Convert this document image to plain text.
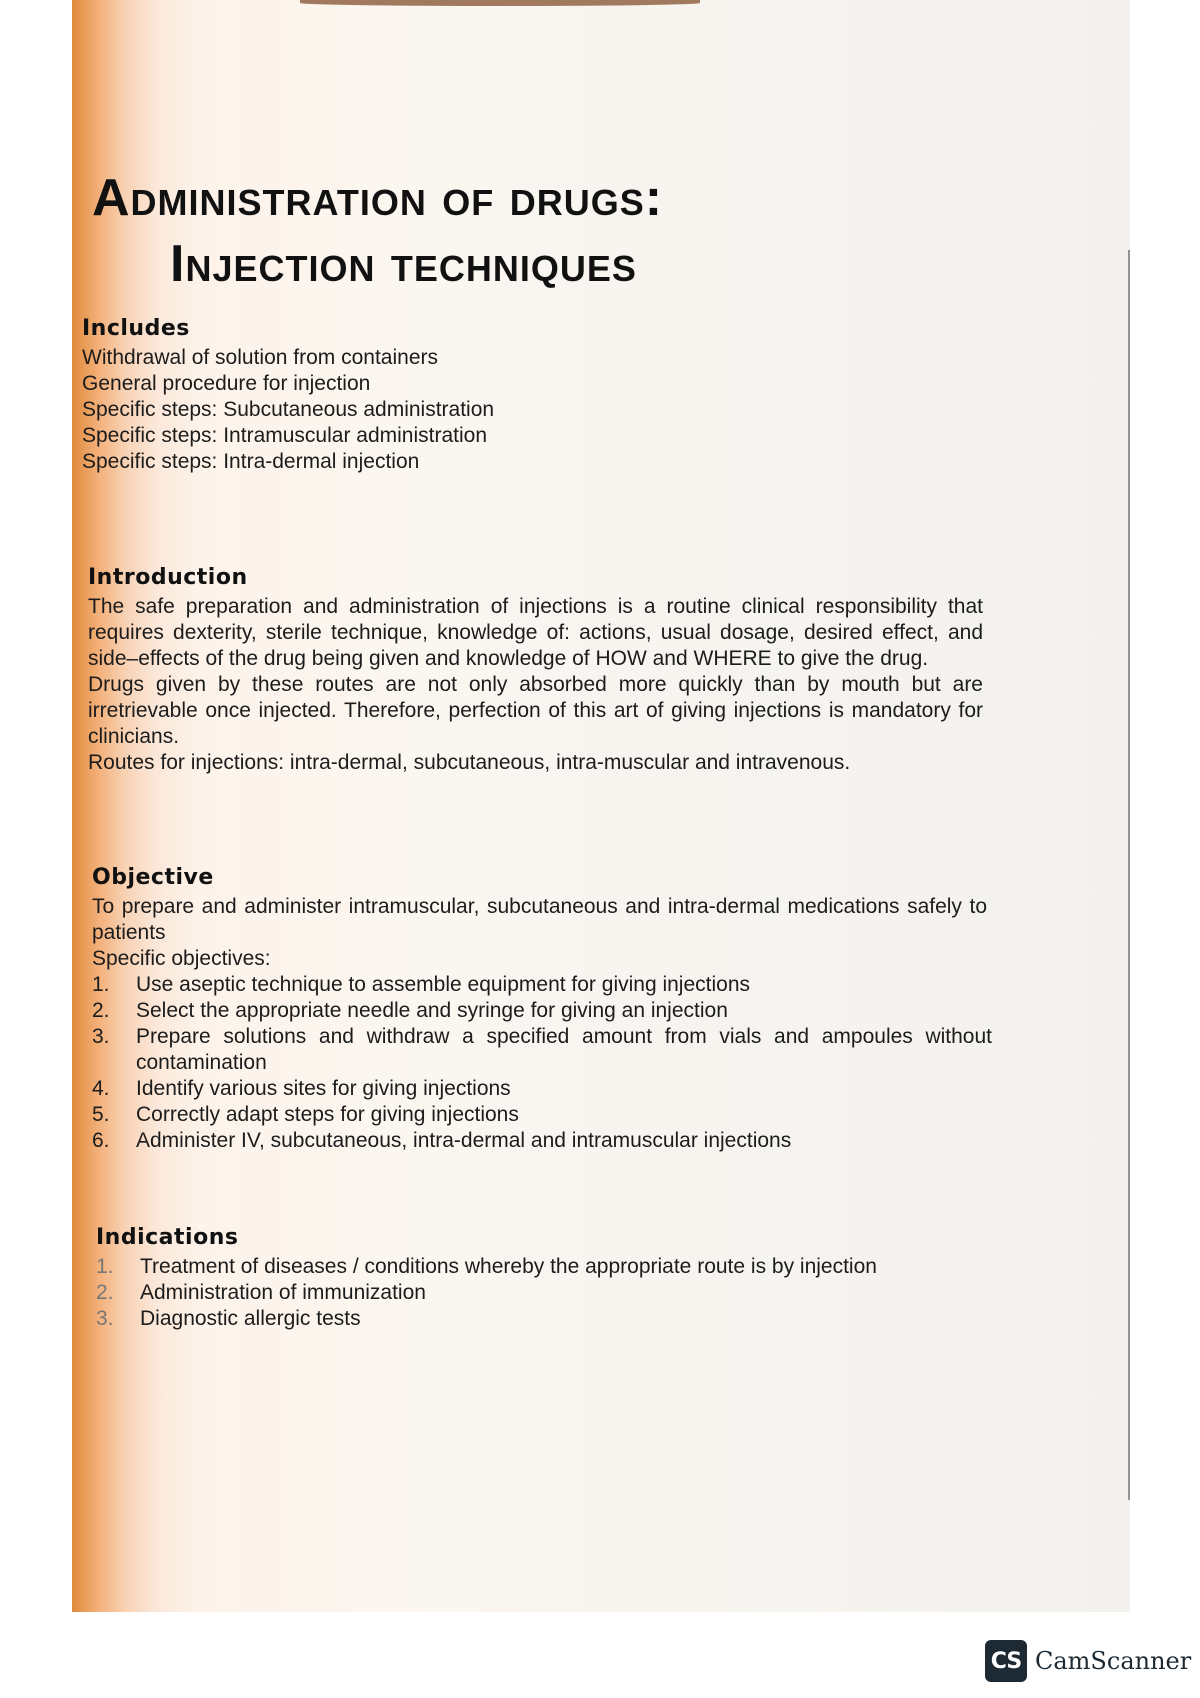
Administration of drugs:
Injection techniques
Includes
Withdrawal of solution from containers
General procedure for injection
Specific steps: Subcutaneous administration
Specific steps: Intramuscular administration
Specific steps: Intra-dermal injection
Introduction
The safe preparation and administration of injections is a routine clinical responsibility that requires dexterity, sterile technique, knowledge of: actions, usual dosage, desired effect, and side–effects of the drug being given and knowledge of HOW and WHERE to give the drug.
Drugs given by these routes are not only absorbed more quickly than by mouth but are irretrievable once injected. Therefore, perfection of this art of giving injections is mandatory for clinicians.
Routes for injections: intra-dermal, subcutaneous, intra-muscular and intravenous.
Objective
To prepare and administer intramuscular, subcutaneous and intra-dermal medications safely to patients
Specific objectives:
1.	Use aseptic technique to assemble equipment for giving injections
2.	Select the appropriate needle and syringe for giving an injection
3.	Prepare solutions and withdraw a specified amount from vials and ampoules without contamination
4.	Identify various sites for giving injections
5.	Correctly adapt steps for giving injections
6.	Administer IV, subcutaneous, intra-dermal and intramuscular injections
Indications
1.	Treatment of diseases / conditions whereby the appropriate route is by injection
2.	Administration of immunization
3.	Diagnostic allergic tests
CS CamScanner
